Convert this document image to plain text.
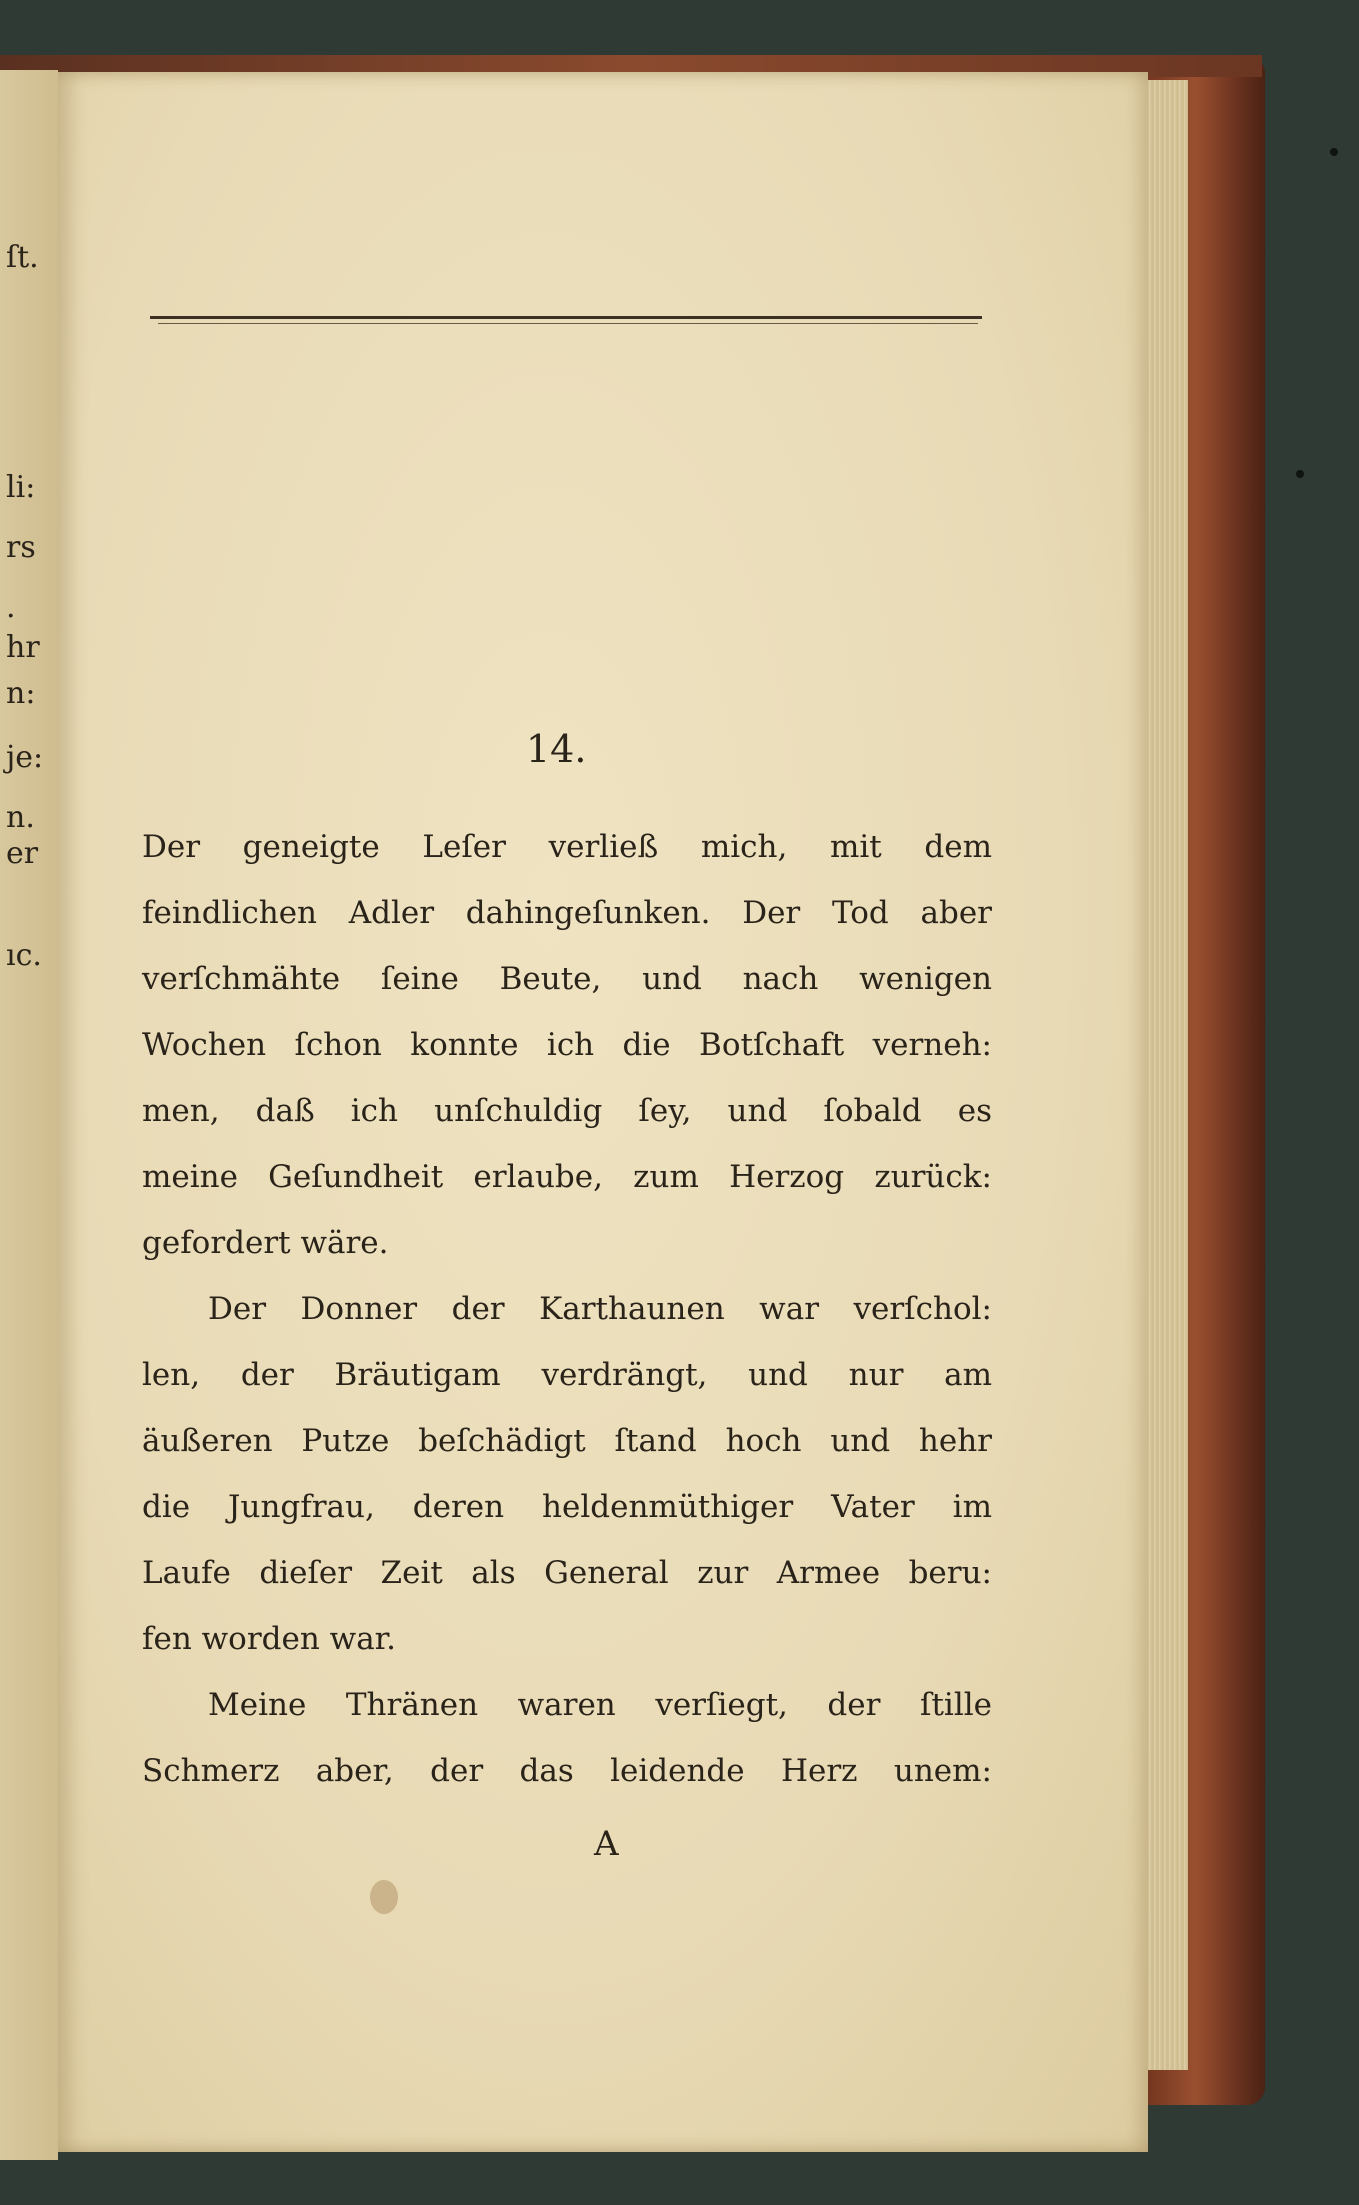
ſt.
li:
rs
.
hr
n:
je:
n.
er
ıc.
14.
Der geneigte Leſer verließ mich, mit dem
feindlichen Adler dahingeſunken. Der Tod aber
verſchmähte ſeine Beute, und nach wenigen
Wochen ſchon konnte ich die Botſchaft verneh:
men, daß ich unſchuldig ſey, und ſobald es
meine Geſundheit erlaube, zum Herzog zurück:
gefordert wäre.
Der Donner der Karthaunen war verſchol:
len, der Bräutigam verdrängt, und nur am
äußeren Putze beſchädigt ſtand hoch und hehr
die Jungfrau, deren heldenmüthiger Vater im
Laufe dieſer Zeit als General zur Armee beru:
fen worden war.
Meine Thränen waren verſiegt, der ſtille
Schmerz aber, der das leidende Herz unem:
A
